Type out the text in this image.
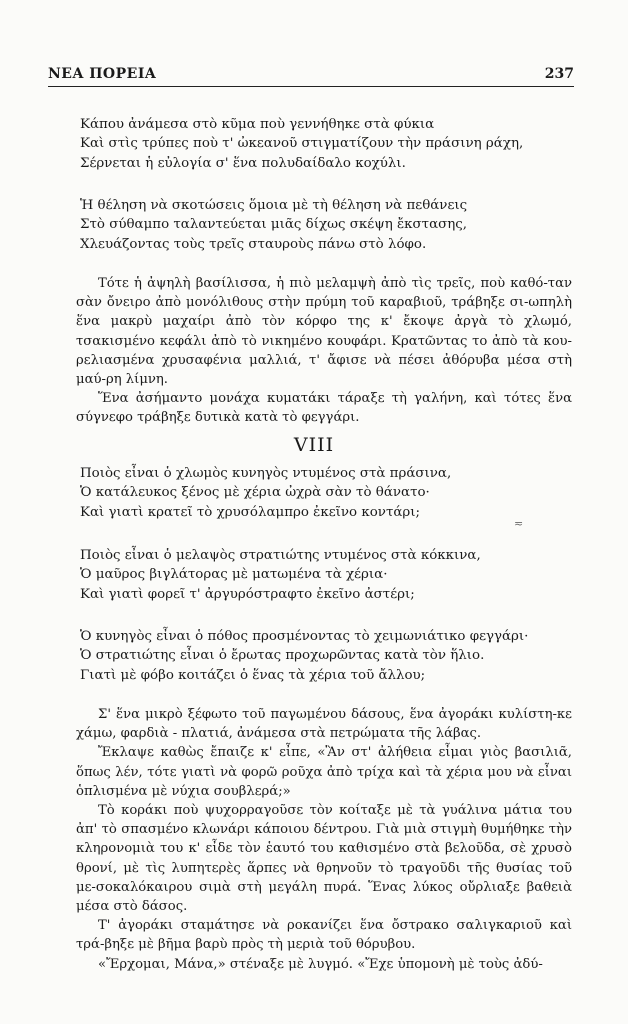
ΝΕΑ ΠΟΡΕΙΑ	237
Κάπου ἀνάμεσα στὸ κῦμα ποὺ γεννήθηκε στὰ φύκια
Καὶ στὶς τρύπες ποὺ τ' ὠκεανοῦ στιγματίζουν τὴν πράσινη ράχη,
Σέρνεται ἡ εὐλογία σ' ἕνα πολυδαίδαλο κοχύλι.
Ἡ θέληση νὰ σκοτώσεις ὅμοια μὲ τὴ θέληση νὰ πεθάνεις
Στὸ σύθαμπο ταλαντεύεται μιᾶς δίχως σκέψη ἔκστασης,
Χλευάζοντας τοὺς τρεῖς σταυροὺς πάνω στὸ λόφο.

Τότε ἡ ἀψηλὴ βασίλισσα, ἡ πιὸ μελαμψὴ ἀπὸ τὶς τρεῖς, ποὺ καθό-ταν σὰν ὄνειρο ἀπὸ μονόλιθους στὴν πρύμη τοῦ καραβιοῦ, τράβηξε σι-ωπηλὴ ἕνα μακρὺ μαχαίρι ἀπὸ τὸν κόρφο της κ' ἔκοψε ἀργὰ τὸ χλωμό, τσακισμένο κεφάλι ἀπὸ τὸ νικημένο κουφάρι. Κρατῶντας το ἀπὸ τὰ κου-ρελιασμένα χρυσαφένια μαλλιά, τ' ἄφισε νὰ πέσει ἀθόρυβα μέσα στὴ μαύ-ρη λίμνη.

Ἕνα ἀσήμαντο μονάχα κυματάκι τάραξε τὴ γαλήνη, καὶ τότες ἕνα σύγνεφο τράβηξε δυτικὰ κατὰ τὸ φεγγάρι.

VIII
Ποιὸς εἶναι ὁ χλωμὸς κυνηγὸς ντυμένος στὰ πράσινα,
Ὁ κατάλευκος ξένος μὲ χέρια ὠχρὰ σὰν τὸ θάνατο·
Καὶ γιατὶ κρατεῖ τὸ χρυσόλαμπρο ἐκεῖνο κοντάρι;
≂
Ποιὸς εἶναι ὁ μελαψὸς στρατιώτης ντυμένος στὰ κόκκινα,
Ὁ μαῦρος βιγλάτορας μὲ ματωμένα τὰ χέρια·
Καὶ γιατὶ φορεῖ τ' ἀργυρόστραφτο ἐκεῖνο ἀστέρι;
Ὁ κυνηγὸς εἶναι ὁ πόθος προσμένοντας τὸ χειμωνιάτικο φεγγάρι·
Ὁ στρατιώτης εἶναι ὁ ἔρωτας προχωρῶντας κατὰ τὸν ἥλιο.
Γιατὶ μὲ φόβο κοιτάζει ὁ ἕνας τὰ χέρια τοῦ ἄλλου;

Σ' ἕνα μικρὸ ξέφωτο τοῦ παγωμένου δάσους, ἕνα ἀγοράκι κυλίστη-κε χάμω, φαρδιὰ - πλατιά, ἀνάμεσα στὰ πετρώματα τῆς λάβας.

Ἔκλαψε καθὼς ἔπαιζε κ' εἶπε, «Ἂν στ' ἀλήθεια εἶμαι γιὸς βασιλιᾶ, ὅπως λέν, τότε γιατὶ νὰ φορῶ ροῦχα ἀπὸ τρίχα καὶ τὰ χέρια μου νὰ εἶναι ὁπλισμένα μὲ νύχια σουβλερά;»

Τὸ κοράκι ποὺ ψυχορραγοῦσε τὸν κοίταξε μὲ τὰ γυάλινα μάτια του ἀπ' τὸ σπασμένο κλωνάρι κάποιου δέντρου. Γιὰ μιὰ στιγμὴ θυμήθηκε τὴν κληρονομιὰ του κ' εἶδε τὸν ἑαυτό του καθισμένο στὰ βελοῦδα, σὲ χρυσὸ θρονί, μὲ τὶς λυπητερὲς ἅρπες νὰ θρηνοῦν τὸ τραγοῦδι τῆς θυσίας τοῦ με-σοκαλόκαιρου σιμὰ στὴ μεγάλη πυρά. Ἕνας λύκος οὔρλιαξε βαθειὰ μέσα στὸ δάσος.

Τ' ἀγοράκι σταμάτησε νὰ ροκανίζει ἕνα ὄστρακο σαλιγκαριοῦ καὶ τρά-βηξε μὲ βῆμα βαρὺ πρὸς τὴ μεριὰ τοῦ θόρυβου.

«Ἔρχομαι, Μάνα,» στέναξε μὲ λυγμό. «Ἔχε ὑπομονὴ μὲ τοὺς ἀδύ-
